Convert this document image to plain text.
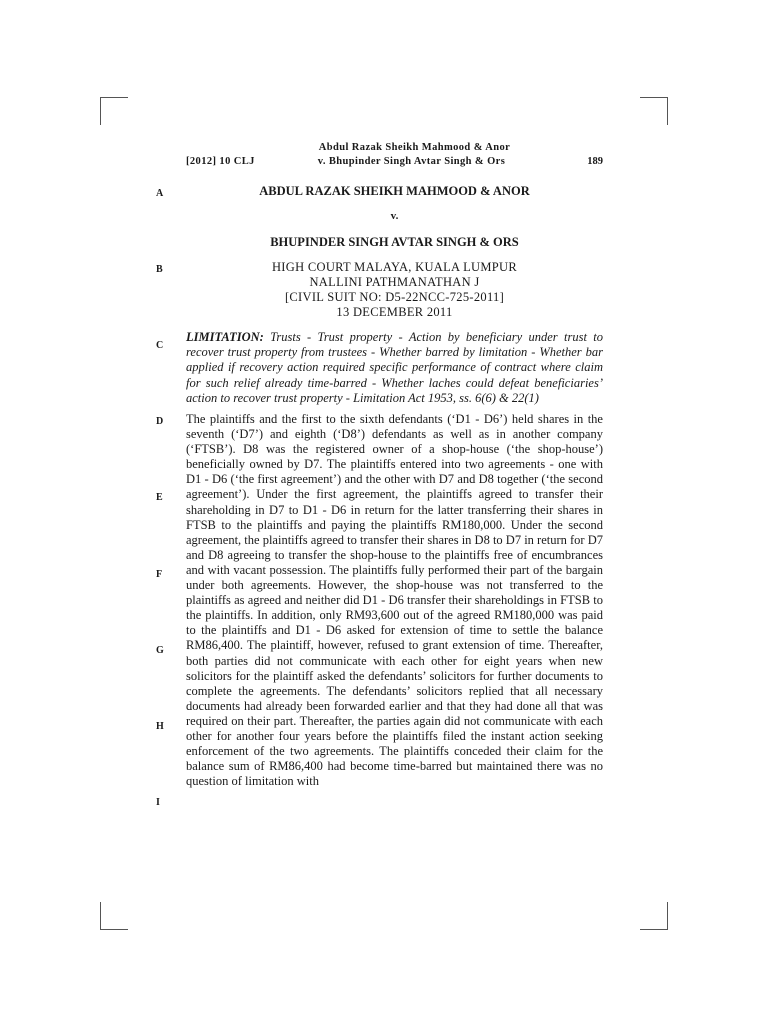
Abdul Razak Sheikh Mahmood & Anor
[2012] 10 CLJ	v. Bhupinder Singh Avtar Singh & Ors	189
A
B
C
D
E
F
G
H
I
ABDUL RAZAK SHEIKH MAHMOOD & ANOR
v.
BHUPINDER SINGH AVTAR SINGH & ORS
HIGH COURT MALAYA, KUALA LUMPUR
NALLINI PATHMANATHAN J
[CIVIL SUIT NO: D5-22NCC-725-2011]
13 DECEMBER 2011
LIMITATION: Trusts - Trust property - Action by beneficiary under trust to recover trust property from trustees - Whether barred by limitation - Whether bar applied if recovery action required specific performance of contract where claim for such relief already time-barred - Whether laches could defeat beneficiaries’ action to recover trust property - Limitation Act 1953, ss. 6(6) & 22(1)
The plaintiffs and the first to the sixth defendants (‘D1 - D6’) held shares in the seventh (‘D7’) and eighth (‘D8’) defendants as well as in another company (‘FTSB’). D8 was the registered owner of a shop-house (‘the shop-house’) beneficially owned by D7. The plaintiffs entered into two agreements - one with D1 - D6 (‘the first agreement’) and the other with D7 and D8 together (‘the second agreement’). Under the first agreement, the plaintiffs agreed to transfer their shareholding in D7 to D1 - D6 in return for the latter transferring their shares in FTSB to the plaintiffs and paying the plaintiffs RM180,000. Under the second agreement, the plaintiffs agreed to transfer their shares in D8 to D7 in return for D7 and D8 agreeing to transfer the shop-house to the plaintiffs free of encumbrances and with vacant possession. The plaintiffs fully performed their part of the bargain under both agreements. However, the shop-house was not transferred to the plaintiffs as agreed and neither did D1 - D6 transfer their shareholdings in FTSB to the plaintiffs. In addition, only RM93,600 out of the agreed RM180,000 was paid to the plaintiffs and D1 - D6 asked for extension of time to settle the balance RM86,400. The plaintiff, however, refused to grant extension of time. Thereafter, both parties did not communicate with each other for eight years when new solicitors for the plaintiff asked the defendants’ solicitors for further documents to complete the agreements. The defendants’ solicitors replied that all necessary documents had already been forwarded earlier and that they had done all that was required on their part. Thereafter, the parties again did not communicate with each other for another four years before the plaintiffs filed the instant action seeking enforcement of the two agreements. The plaintiffs conceded their claim for the balance sum of RM86,400 had become time-barred but maintained there was no question of limitation with
